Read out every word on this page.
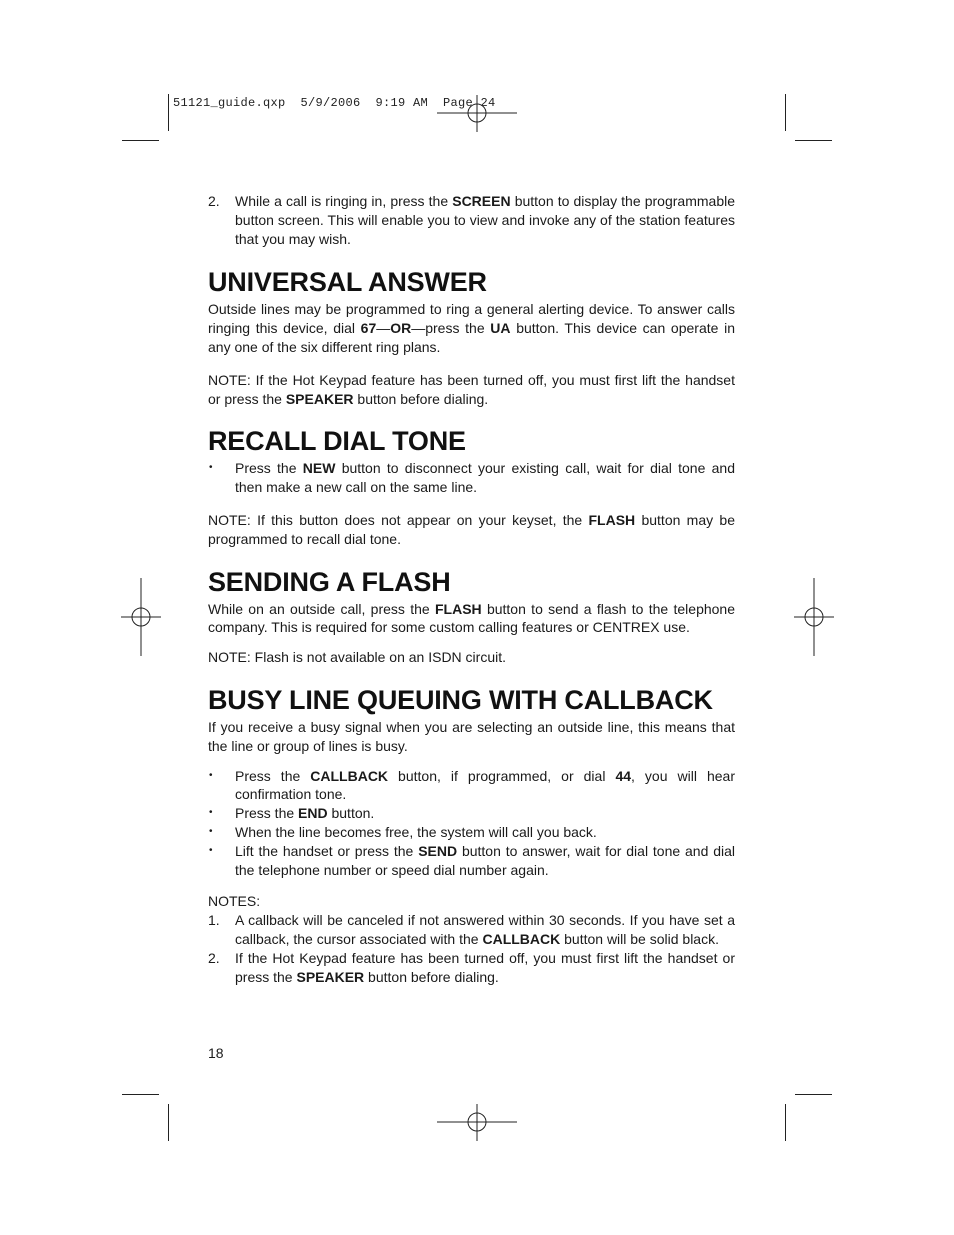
51121_guide.qxp  5/9/2006  9:19 AM  Page 24
2. While a call is ringing in, press the SCREEN button to display the programmable button screen. This will enable you to view and invoke any of the station features that you may wish.
UNIVERSAL ANSWER

Outside lines may be programmed to ring a general alerting device. To answer calls ringing this device, dial 67—OR—press the UA button. This device can operate in any one of the six different ring plans.

NOTE: If the Hot Keypad feature has been turned off, you must first lift the handset or press the SPEAKER button before dialing.

RECALL DIAL TONE
• Press the NEW button to disconnect your existing call, wait for dial tone and then make a new call on the same line.

NOTE: If this button does not appear on your keyset, the FLASH button may be programmed to recall dial tone.

SENDING A FLASH

While on an outside call, press the FLASH button to send a flash to the telephone company. This is required for some custom calling features or CENTREX use.

NOTE: Flash is not available on an ISDN circuit.

BUSY LINE QUEUING WITH CALLBACK

If you receive a busy signal when you are selecting an outside line, this means that the line or group of lines is busy.

• Press the CALLBACK button, if programmed, or dial 44, you will hear confirmation tone.
• Press the END button.
• When the line becomes free, the system will call you back.
• Lift the handset or press the SEND button to answer, wait for dial tone and dial the telephone number or speed dial number again.

NOTES:

1. A callback will be canceled if not answered within 30 seconds. If you have set a callback, the cursor associated with the CALLBACK button will be solid black.
2. If the Hot Keypad feature has been turned off, you must first lift the handset or press the SPEAKER button before dialing.
18
